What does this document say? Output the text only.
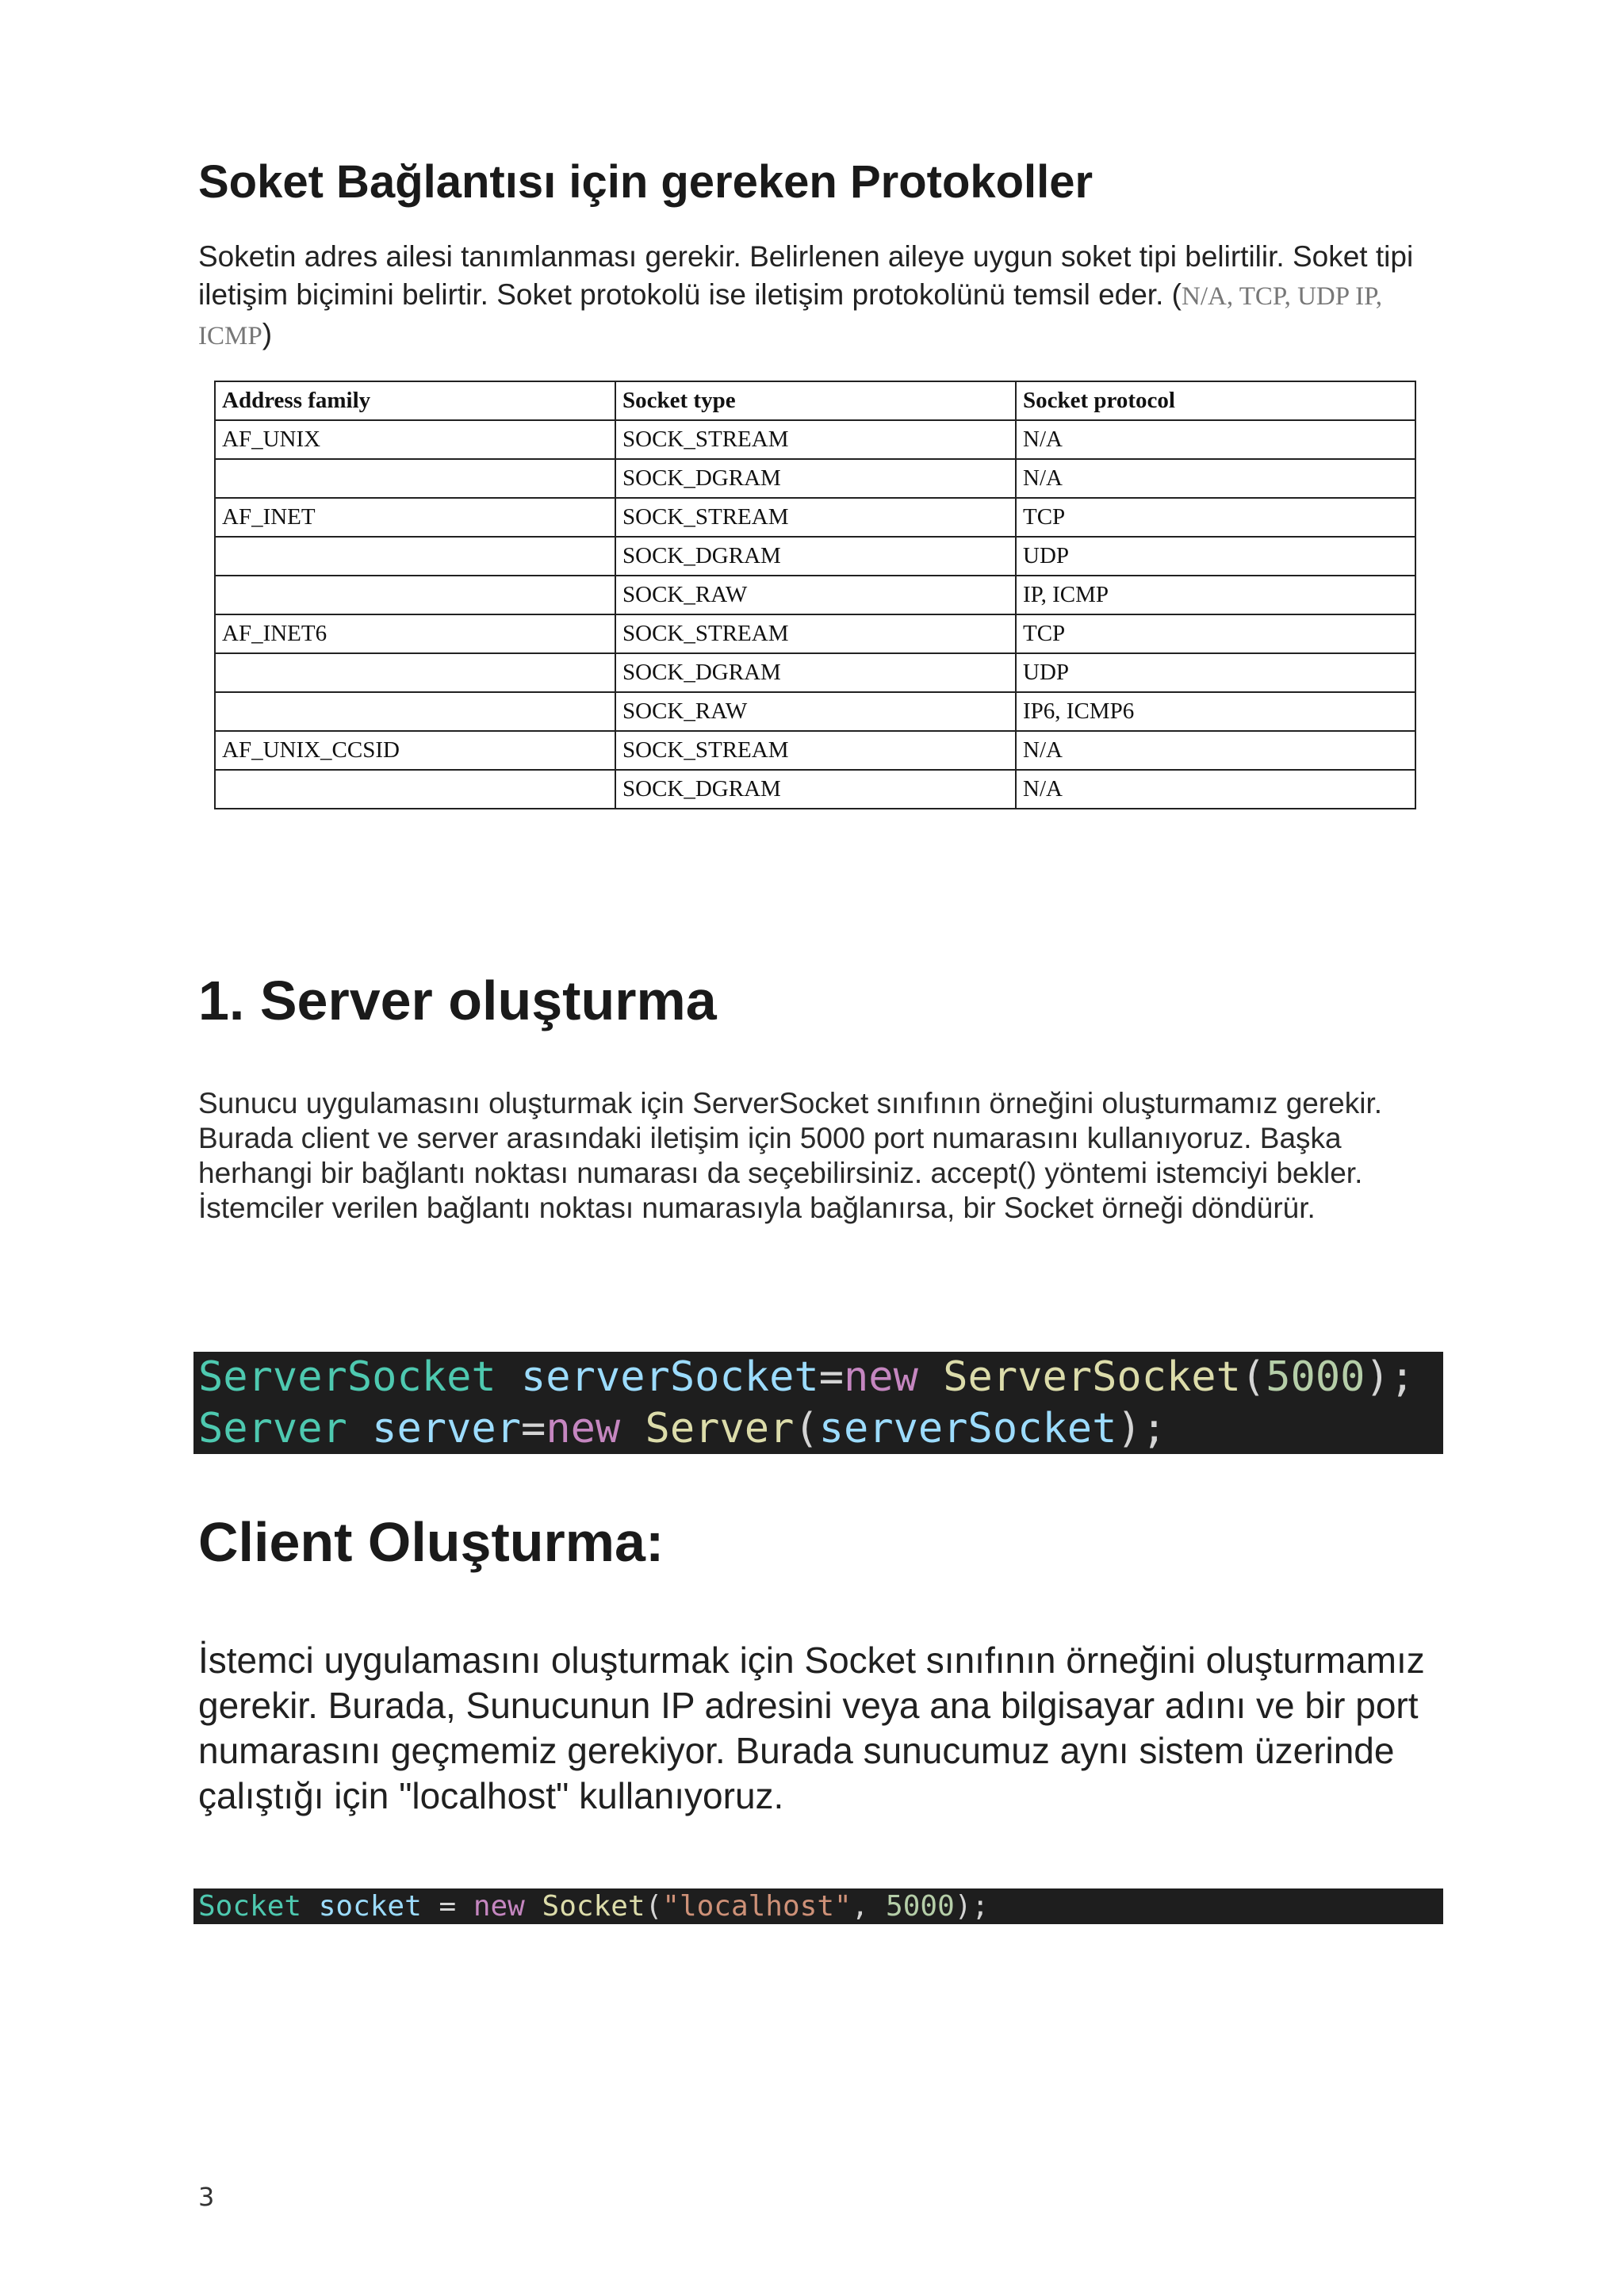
Soket Bağlantısı için gereken Protokoller

Soketin adres ailesi tanımlanması gerekir. Belirlenen aileye uygun soket tipi belirtilir. Soket tipi iletişim biçimini belirtir. Soket protokolü ise iletişim protokolünü temsil eder. (N/A, TCP, UDP IP, ICMP)

Address family	Socket type	Socket protocol
AF_UNIX	SOCK_STREAM	N/A
	SOCK_DGRAM	N/A
AF_INET	SOCK_STREAM	TCP
	SOCK_DGRAM	UDP
	SOCK_RAW	IP, ICMP
AF_INET6	SOCK_STREAM	TCP
	SOCK_DGRAM	UDP
	SOCK_RAW	IP6, ICMP6
AF_UNIX_CCSID	SOCK_STREAM	N/A
	SOCK_DGRAM	N/A
1. Server oluşturma

Sunucu uygulamasını oluşturmak için ServerSocket sınıfının örneğini oluşturmamız gerekir. Burada client ve server arasındaki iletişim için 5000 port numarasını kullanıyoruz. Başka herhangi bir bağlantı noktası numarası da seçebilirsiniz. accept() yöntemi istemciyi bekler. İstemciler verilen bağlantı noktası numarasıyla bağlanırsa, bir Socket örneği döndürür.

ServerSocket serverSocket=new ServerSocket(5000);
Server server=new Server(serverSocket);
Client Oluşturma:

İstemci uygulamasını oluşturmak için Socket sınıfının örneğini oluşturmamız gerekir. Burada, Sunucunun IP adresini veya ana bilgisayar adını ve bir port numarasını geçmemiz gerekiyor. Burada sunucumuz aynı sistem üzerinde çalıştığı için "localhost" kullanıyoruz.

Socket socket = new Socket("localhost", 5000);
3
